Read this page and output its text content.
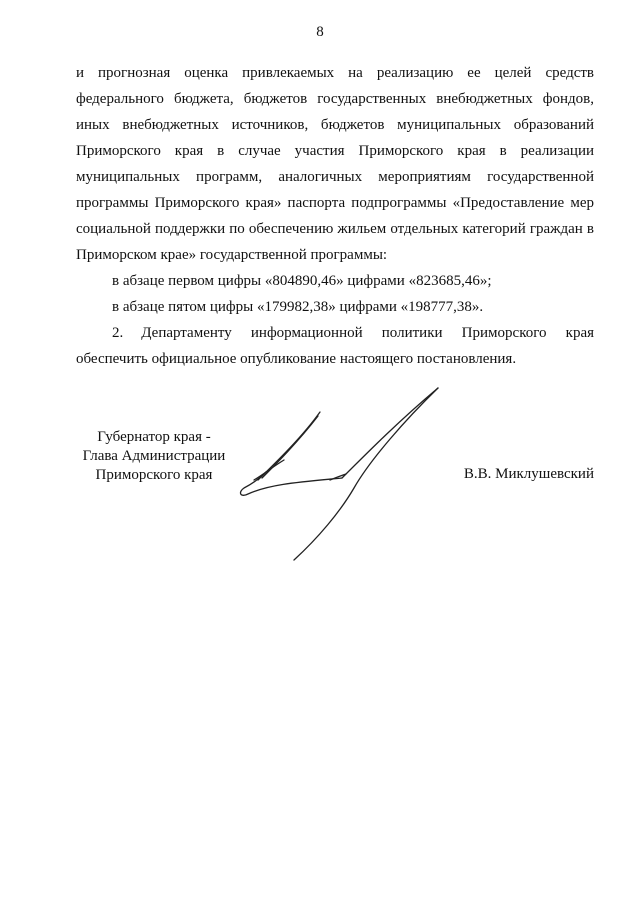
8

и прогнозная оценка привлекаемых на реализацию ее целей средств федерального бюджета, бюджетов государственных внебюджетных фондов, иных внебюджетных источников, бюджетов муниципальных образований Приморского края в случае участия Приморского края в реализации муниципальных программ, аналогичных мероприятиям государственной программы Приморского края» паспорта подпрограммы «Предоставление мер социальной поддержки по обеспечению жильем отдельных категорий граждан в Приморском крае» государственной программы:

в абзаце первом цифры «804890,46» цифрами «823685,46»;

в абзаце пятом цифры «179982,38» цифрами «198777,38».

2. Департаменту информационной политики Приморского края обеспечить официальное опубликование настоящего постановления.

Губернатор края -
Глава Администрации
Приморского края	В.В. Миклушевский
